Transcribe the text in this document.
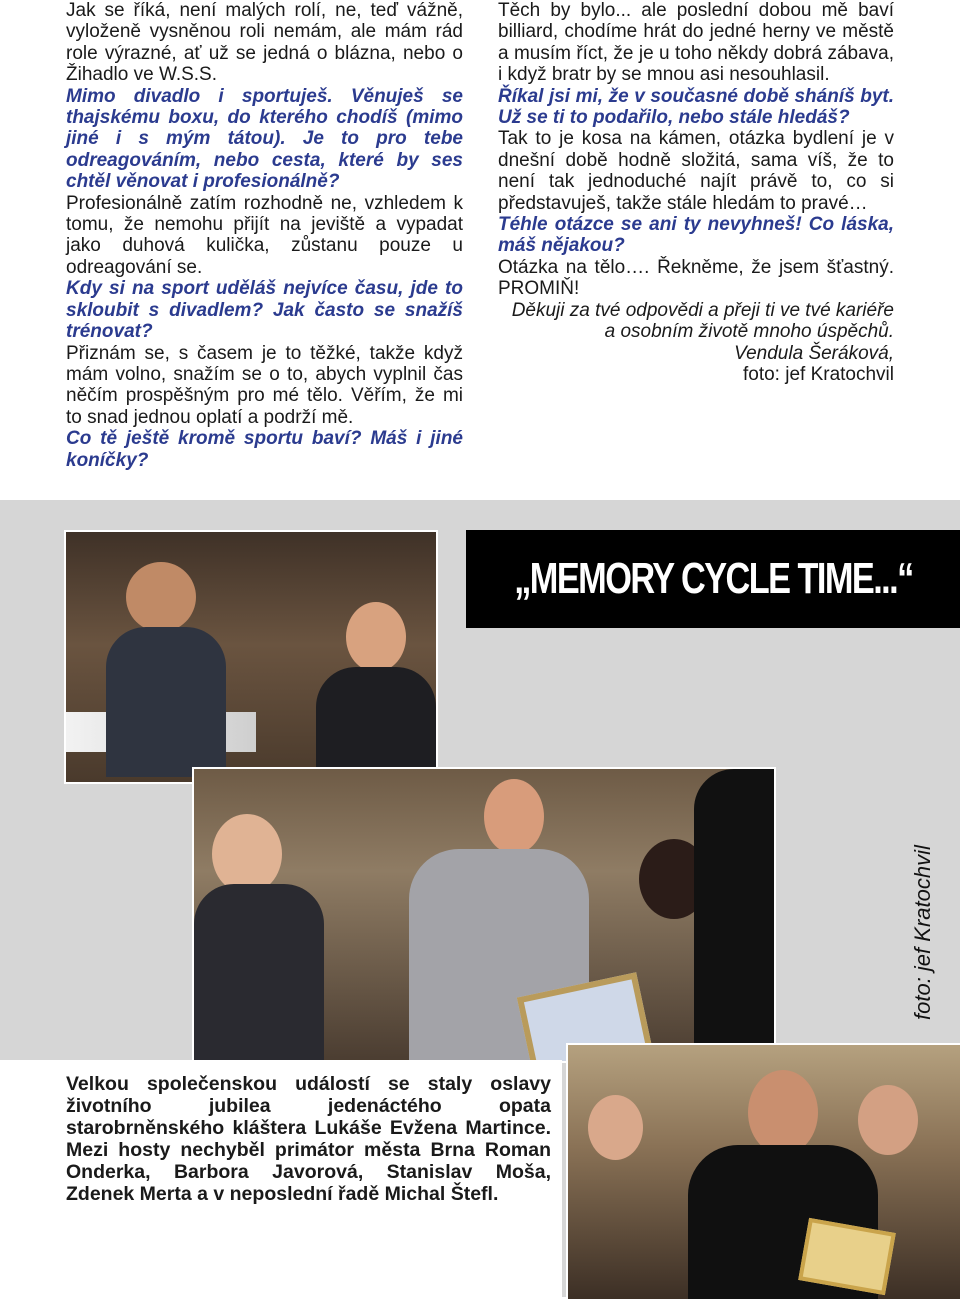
Jak se říká, není malých rolí, ne, teď vážně, vyloženě vysněnou roli nemám, ale mám rád role výrazné, ať už se jedná o blázna, nebo o Žihadlo ve W.S.S.

Mimo divadlo i sportuješ. Věnuješ se thajskému boxu, do kterého chodíš (mimo jiné i s mým tátou). Je to pro tebe odreagováním, nebo cesta, které by ses chtěl věnovat i profesionálně?

Profesionálně zatím rozhodně ne, vzhledem k tomu, že nemohu přijít na jeviště a vypadat jako duhová kulička, zůstanu pouze u odreagování se.

Kdy si na sport uděláš nejvíce času, jde to skloubit s divadlem? Jak často se snažíš trénovat?

Přiznám se, s časem je to těžké, takže když mám volno, snažím se o to, abych vyplnil čas něčím prospěšným pro mé tělo. Věřím, že mi to snad jednou oplatí a podrží mě.

Co tě ještě kromě sportu baví? Máš i jiné koníčky?

Těch by bylo... ale poslední dobou mě baví billiard, chodíme hrát do jedné herny ve městě a musím říct, že je u toho někdy dobrá zábava, i když bratr by se mnou asi nesouhlasil.

Říkal jsi mi, že v současné době sháníš byt. Už se ti to podařilo, nebo stále hledáš?

Tak to je kosa na kámen, otázka bydlení je v dnešní době hodně složitá, sama víš, že to není tak jednoduché najít právě to, co si představuješ, takže stále hledám to pravé…

Téhle otázce se ani ty nevyhneš! Co láska, máš nějakou?

Otázka na tělo…. Řekněme, že jsem šťastný. PROMIŇ!

Děkuji za tvé odpovědi a přeji ti ve tvé kariéře a osobním životě mnoho úspěchů.

Vendula Šeráková,

foto: jef Kratochvil

„MEMORY CYCLE TIME...“
foto: jef Kratochvil

Velkou společenskou událostí se staly oslavy životního jubilea jedenáctého opata starobrněnského kláštera Lukáše Evžena Martince. Mezi hosty nechyběl primátor města Brna Roman Onderka, Barbora Javorová, Stanislav Moša, Zdenek Merta a v neposlední řadě Michal Štefl.
